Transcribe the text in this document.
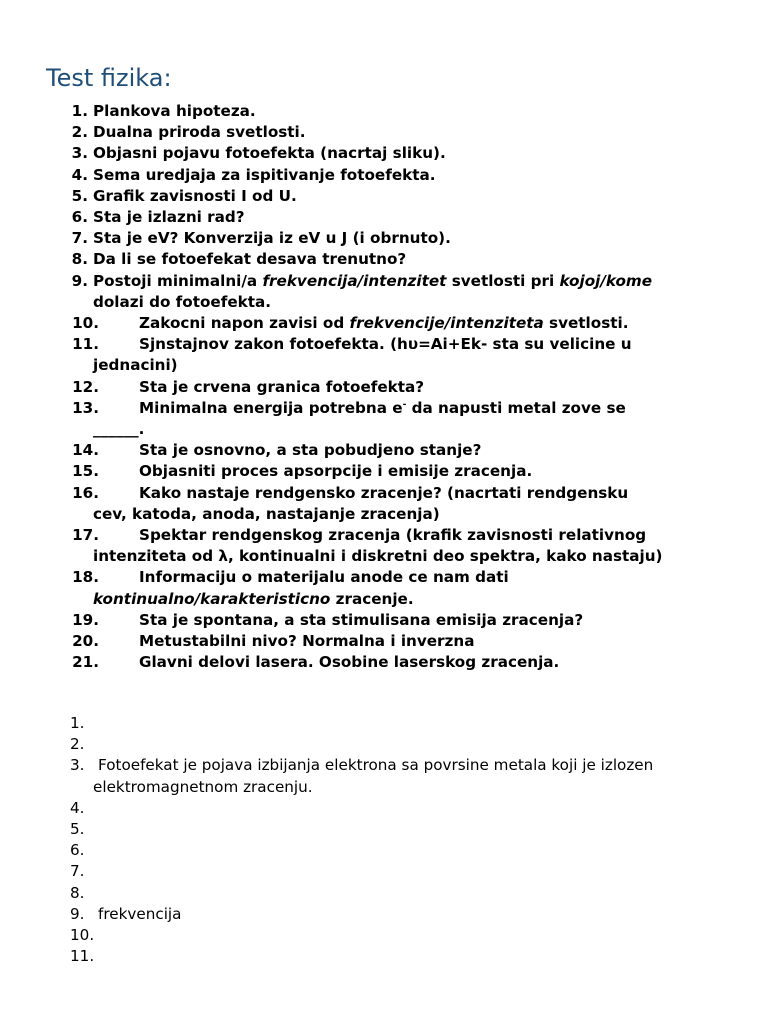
Test fizika:
1. Plankova hipoteza.
2. Dualna priroda svetlosti.
3. Objasni pojavu fotoefekta (nacrtaj sliku).
4. Sema uredjaja za ispitivanje fotoefekta.
5. Grafik zavisnosti I od U.
6. Sta je izlazni rad?
7. Sta je eV? Konverzija iz eV u J (i obrnuto).
8. Da li se fotoefekat desava trenutno?
9. Postoji minimalni/a frekvencija/intenzitet svetlosti pri kojoj/kome
dolazi do fotoefekta.
10.	Zakocni napon zavisi od frekvencije/intenziteta svetlosti.
11.	Sjnstajnov zakon fotoefekta. (hυ=Ai+Ek- sta su velicine u
jednacini)
12.	Sta je crvena granica fotoefekta?
13.	Minimalna energija potrebna e- da napusti metal zove se
______.
14.	Sta je osnovno, a sta pobudjeno stanje?
15.	Objasniti proces apsorpcije i emisije zracenja.
16.	Kako nastaje rendgensko zracenje? (nacrtati rendgensku
cev, katoda, anoda, nastajanje zracenja)
17.	Spektar rendgenskog zracenja (krafik zavisnosti relativnog
intenziteta od λ, kontinualni i diskretni deo spektra, kako nastaju)
18.	Informaciju o materijalu anode ce nam dati
kontinualno/karakteristicno zracenje.
19.	Sta je spontana, a sta stimulisana emisija zracenja?
20.	Metustabilni nivo? Normalna i inverzna
21.	Glavni delovi lasera. Osobine laserskog zracenja.
1.

2.

3. Fotoefekat je pojava izbijanja elektrona sa povrsine metala koji je izlozen
elektromagnetnom zracenju.
4.

5.

6.

7.

8.

9. frekvencija
10.

11.
